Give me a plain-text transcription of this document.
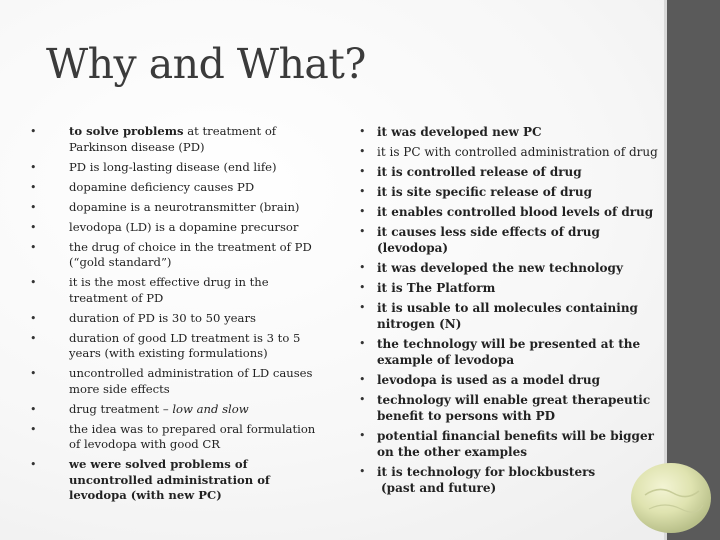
Why and What?
•	to solve problems at treatment of Parkinson disease (PD)
•	PD is long-lasting disease (end life)
•	dopamine deficiency causes PD
•	dopamine is a neurotransmitter (brain)
•	levodopa (LD) is a dopamine precursor
•	the drug of choice in the treatment of PD (“gold standard”)
•	it is the most effective drug in the treatment of PD
•	duration of PD is 30 to 50 years
•	duration of good LD treatment is 3 to 5 years (with existing formulations)
•	uncontrolled administration of LD causes more side effects
•	drug treatment – low and slow
•	the idea was to prepared oral formulation of levodopa with good CR
•	we were solved problems of uncontrolled administration of levodopa (with new PC)
• it was developed new PC
• it is PC with controlled administration of drug
• it is controlled release of drug
• it is site specific release of drug
• it enables controlled blood levels of drug
• it causes less side effects of drug (levodopa)
• it was developed the new technology
• it is The Platform
• it is usable to all molecules containing nitrogen (N)
• the technology will be presented at the example of levodopa
• levodopa is used as a model drug
• technology will enable great therapeutic benefit to persons with PD
• potential financial benefits will be bigger on the other examples
• it is technology for blockbusters
(past and future)
